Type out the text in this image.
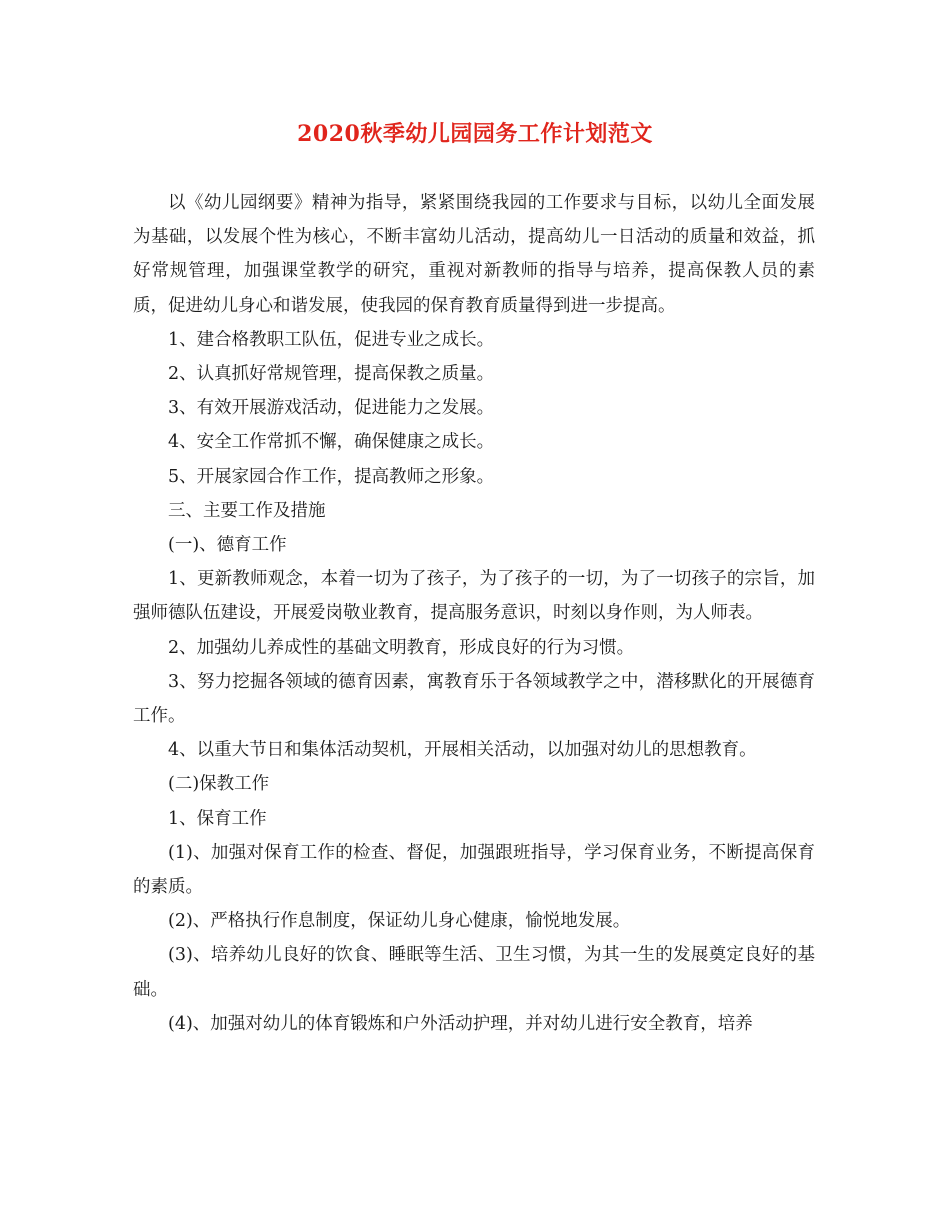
2020秋季幼儿园园务工作计划范文

以《幼儿园纲要》精神为指导，紧紧围绕我园的工作要求与目标，以幼儿全面发展为基础，以发展个性为核心，不断丰富幼儿活动，提高幼儿一日活动的质量和效益，抓好常规管理，加强课堂教学的研究，重视对新教师的指导与培养，提高保教人员的素质，促进幼儿身心和谐发展，使我园的保育教育质量得到进一步提高。

1、建合格教职工队伍，促进专业之成长。

2、认真抓好常规管理，提高保教之质量。

3、有效开展游戏活动，促进能力之发展。

4、安全工作常抓不懈，确保健康之成长。

5、开展家园合作工作，提高教师之形象。

三、主要工作及措施

(一)、德育工作

1、更新教师观念，本着一切为了孩子，为了孩子的一切，为了一切孩子的宗旨，加强师德队伍建设，开展爱岗敬业教育，提高服务意识，时刻以身作则，为人师表。

2、加强幼儿养成性的基础文明教育，形成良好的行为习惯。

3、努力挖掘各领域的德育因素，寓教育乐于各领域教学之中，潜移默化的开展德育工作。

4、以重大节日和集体活动契机，开展相关活动，以加强对幼儿的思想教育。

(二)保教工作

1、保育工作

(1)、加强对保育工作的检查、督促，加强跟班指导，学习保育业务，不断提高保育的素质。

(2)、严格执行作息制度，保证幼儿身心健康，愉悦地发展。

(3)、培养幼儿良好的饮食、睡眠等生活、卫生习惯，为其一生的发展奠定良好的基础。

(4)、加强对幼儿的体育锻炼和户外活动护理，并对幼儿进行安全教育，培养
